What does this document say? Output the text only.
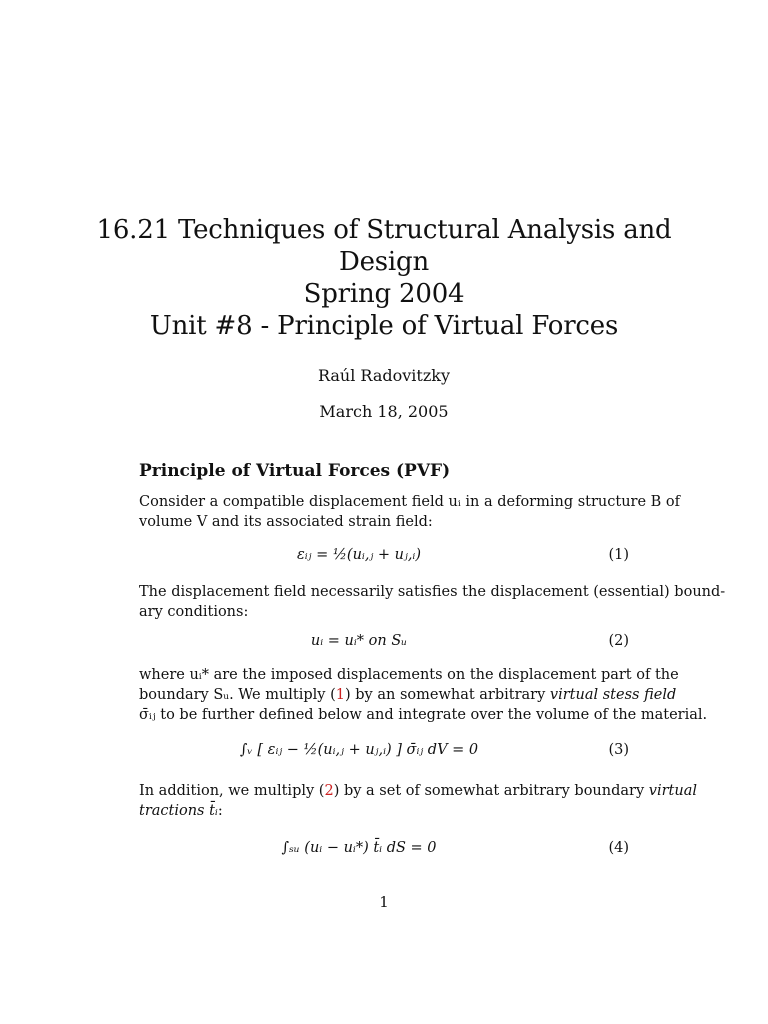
16.21 Techniques of Structural Analysis and
Design
Spring 2004
Unit #8 - Principle of Virtual Forces
Raúl Radovitzky
March 18, 2005
Principle of Virtual Forces (PVF)
Consider a compatible displacement field uᵢ in a deforming structure B of
volume V and its associated strain field:
εᵢⱼ = ½(uᵢ,ⱼ + uⱼ,ᵢ)	(1)
The displacement field necessarily satisfies the displacement (essential) bound-
ary conditions:
uᵢ = uᵢ* on Sᵤ	(2)
where uᵢ* are the imposed displacements on the displacement part of the
boundary Sᵤ. We multiply (1) by an somewhat arbitrary virtual stess field
σ̄ᵢⱼ to be further defined below and integrate over the volume of the material.
∫ᵥ [ εᵢⱼ − ½(uᵢ,ⱼ + uⱼ,ᵢ) ] σ̄ᵢⱼ dV = 0	(3)
In addition, we multiply (2) by a set of somewhat arbitrary boundary virtual
tractions t̄ᵢ:
∫ₛᵤ (uᵢ − uᵢ*) t̄ᵢ dS = 0	(4)
1
